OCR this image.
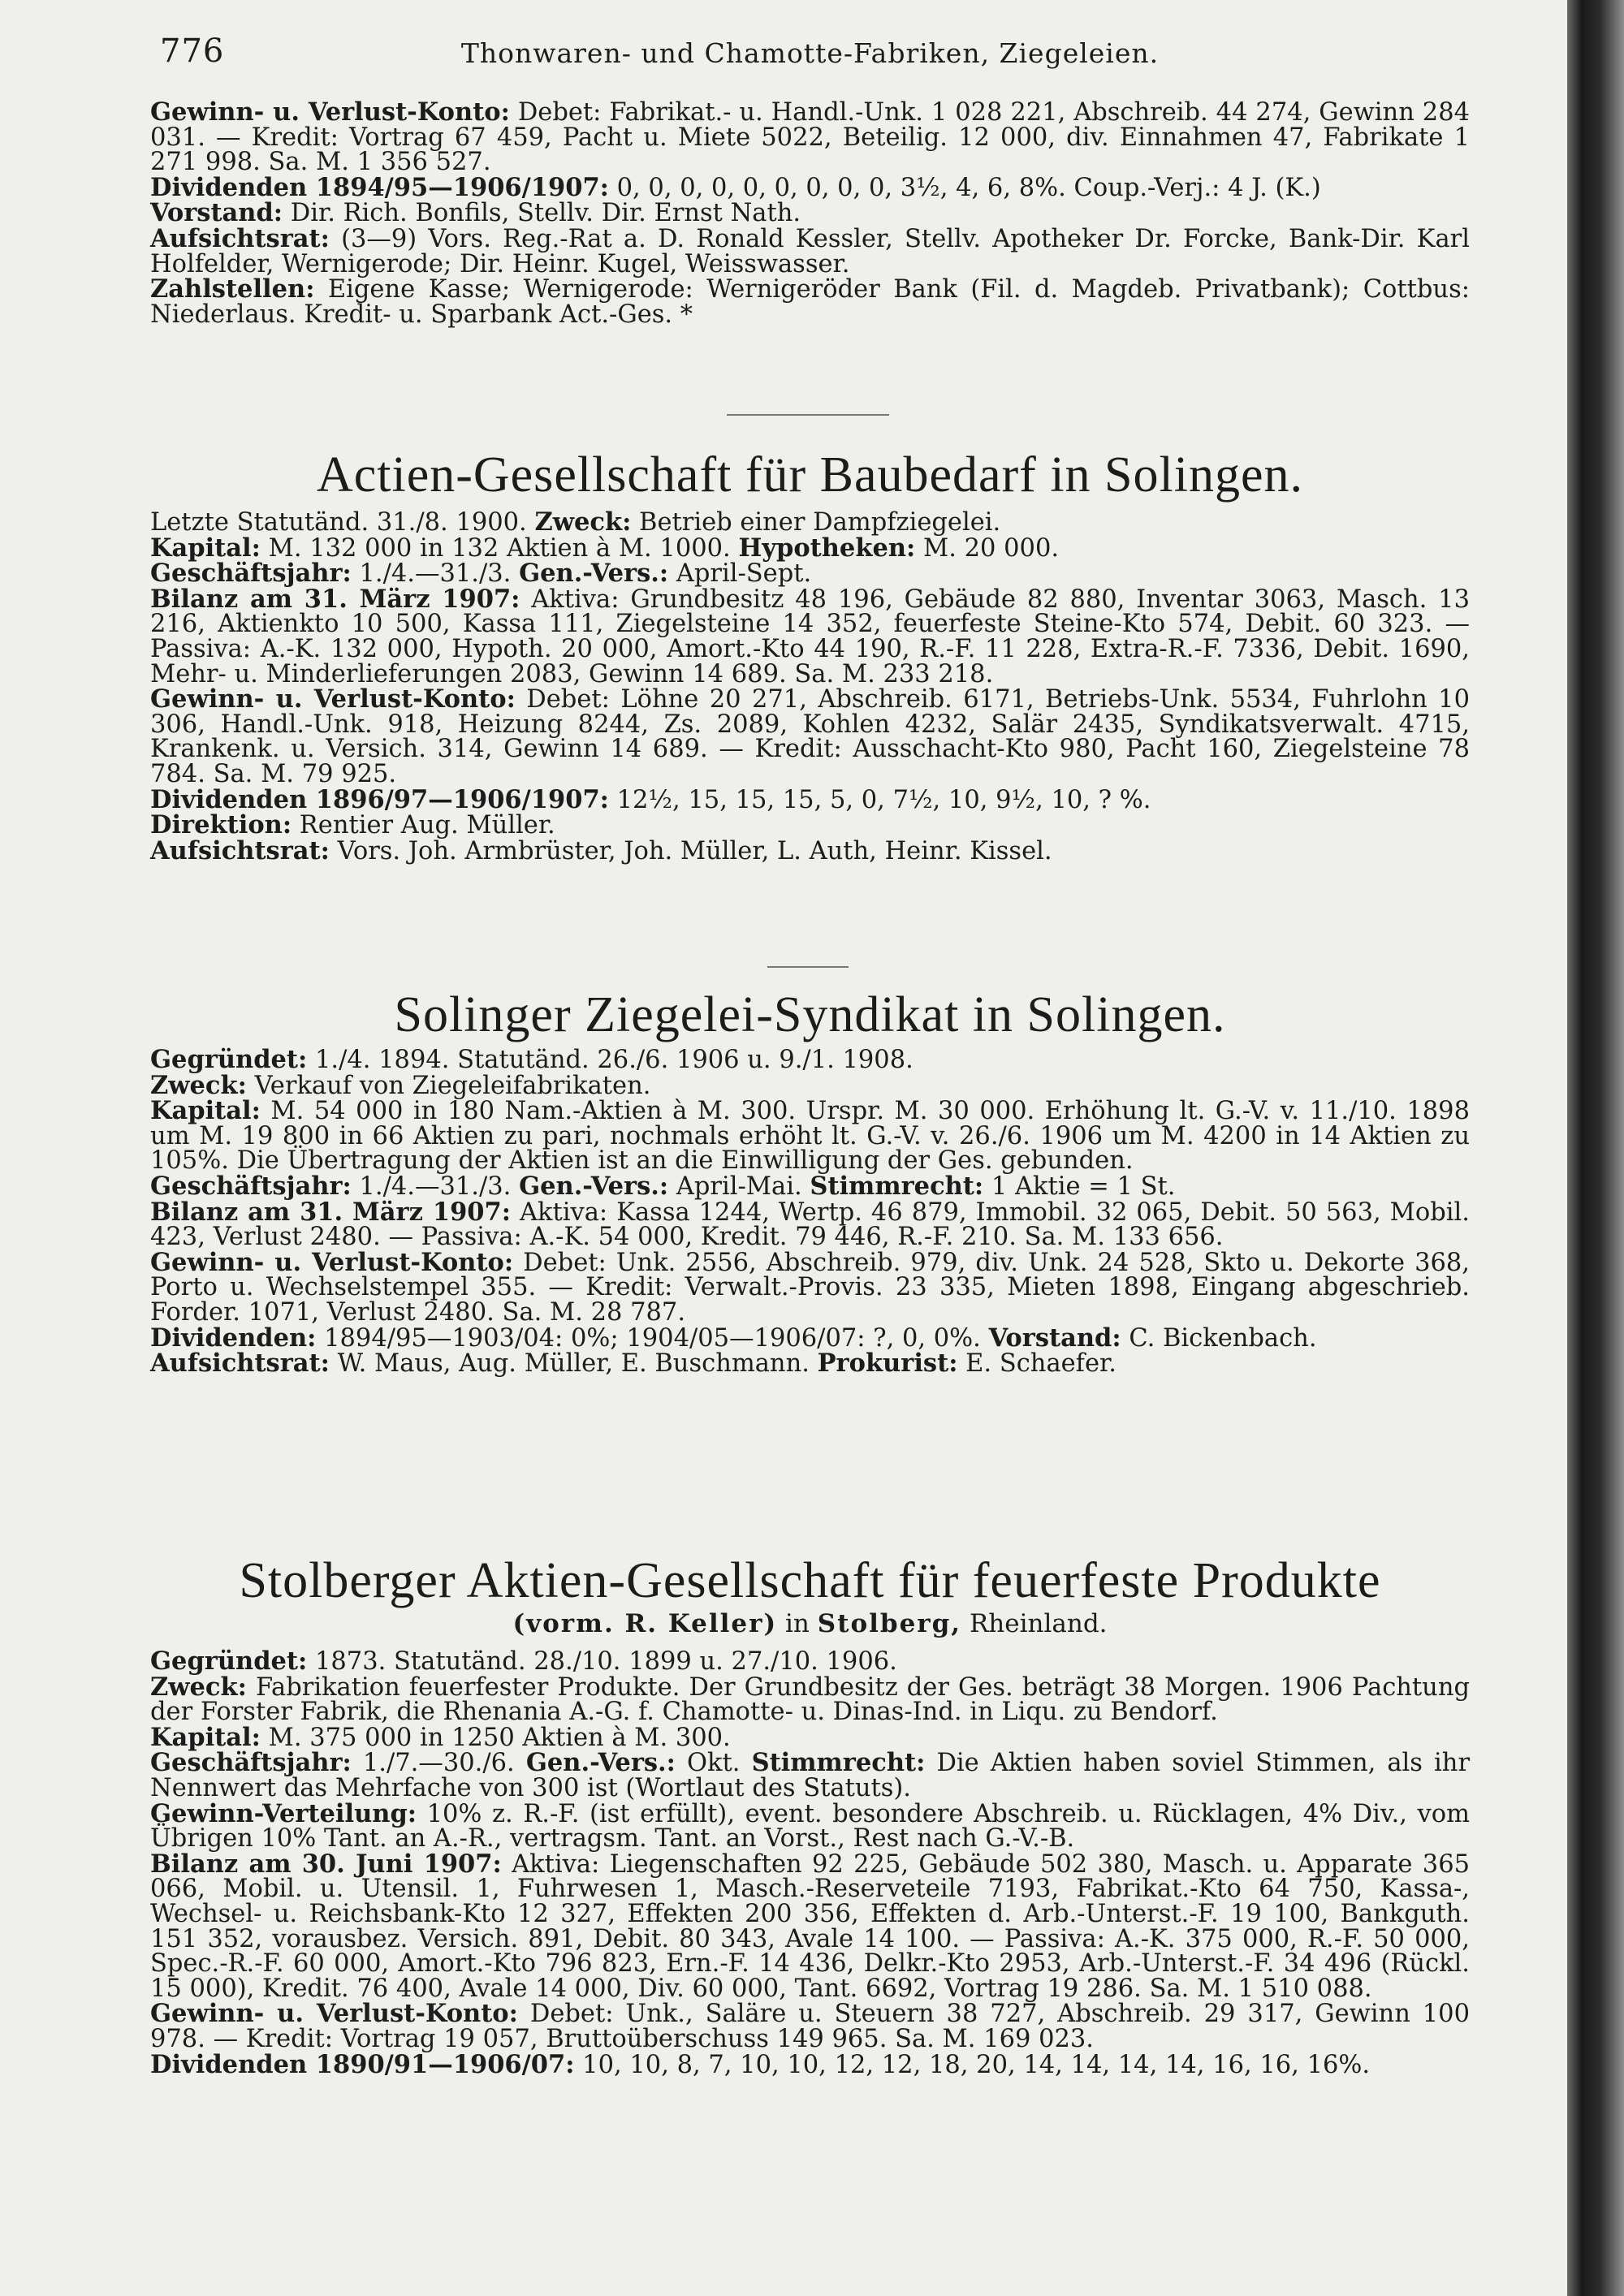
776	Thonwaren- und Chamotte-Fabriken, Ziegeleien.
Gewinn- u. Verlust-Konto: Debet: Fabrikat.- u. Handl.-Unk. 1 028 221, Abschreib. 44 274, Gewinn 284 031. — Kredit: Vortrag 67 459, Pacht u. Miete 5022, Beteilig. 12 000, div. Einnahmen 47, Fabrikate 1 271 998. Sa. M. 1 356 527.
Dividenden 1894/95—1906/1907: 0, 0, 0, 0, 0, 0, 0, 0, 0, 3½, 4, 6, 8%. Coup.-Verj.: 4 J. (K.)
Vorstand: Dir. Rich. Bonfils, Stellv. Dir. Ernst Nath.
Aufsichtsrat: (3—9) Vors. Reg.-Rat a. D. Ronald Kessler, Stellv. Apotheker Dr. Forcke, Bank-Dir. Karl Holfelder, Wernigerode; Dir. Heinr. Kugel, Weisswasser.
Zahlstellen: Eigene Kasse; Wernigerode: Wernigeröder Bank (Fil. d. Magdeb. Privatbank); Cottbus: Niederlaus. Kredit- u. Sparbank Act.-Ges. *
Actien-Gesellschaft für Baubedarf in Solingen.
Letzte Statutänd. 31./8. 1900. Zweck: Betrieb einer Dampfziegelei.
Kapital: M. 132 000 in 132 Aktien à M. 1000. Hypotheken: M. 20 000.
Geschäftsjahr: 1./4.—31./3. Gen.-Vers.: April-Sept.
Bilanz am 31. März 1907: Aktiva: Grundbesitz 48 196, Gebäude 82 880, Inventar 3063, Masch. 13 216, Aktienkto 10 500, Kassa 111, Ziegelsteine 14 352, feuerfeste Steine-Kto 574, Debit. 60 323. — Passiva: A.-K. 132 000, Hypoth. 20 000, Amort.-Kto 44 190, R.-F. 11 228, Extra-R.-F. 7336, Debit. 1690, Mehr- u. Minderlieferungen 2083, Gewinn 14 689. Sa. M. 233 218.
Gewinn- u. Verlust-Konto: Debet: Löhne 20 271, Abschreib. 6171, Betriebs-Unk. 5534, Fuhrlohn 10 306, Handl.-Unk. 918, Heizung 8244, Zs. 2089, Kohlen 4232, Salär 2435, Syndikatsverwalt. 4715, Krankenk. u. Versich. 314, Gewinn 14 689. — Kredit: Ausschacht-Kto 980, Pacht 160, Ziegelsteine 78 784. Sa. M. 79 925.
Dividenden 1896/97—1906/1907: 12½, 15, 15, 15, 5, 0, 7½, 10, 9½, 10, ? %.
Direktion: Rentier Aug. Müller.
Aufsichtsrat: Vors. Joh. Armbrüster, Joh. Müller, L. Auth, Heinr. Kissel.
Solinger Ziegelei-Syndikat in Solingen.
Gegründet: 1./4. 1894. Statutänd. 26./6. 1906 u. 9./1. 1908.
Zweck: Verkauf von Ziegeleifabrikaten.
Kapital: M. 54 000 in 180 Nam.-Aktien à M. 300. Urspr. M. 30 000. Erhöhung lt. G.-V. v. 11./10. 1898 um M. 19 800 in 66 Aktien zu pari, nochmals erhöht lt. G.-V. v. 26./6. 1906 um M. 4200 in 14 Aktien zu 105%. Die Übertragung der Aktien ist an die Einwilligung der Ges. gebunden.
Geschäftsjahr: 1./4.—31./3. Gen.-Vers.: April-Mai. Stimmrecht: 1 Aktie = 1 St.
Bilanz am 31. März 1907: Aktiva: Kassa 1244, Wertp. 46 879, Immobil. 32 065, Debit. 50 563, Mobil. 423, Verlust 2480. — Passiva: A.-K. 54 000, Kredit. 79 446, R.-F. 210. Sa. M. 133 656.
Gewinn- u. Verlust-Konto: Debet: Unk. 2556, Abschreib. 979, div. Unk. 24 528, Skto u. Dekorte 368, Porto u. Wechselstempel 355. — Kredit: Verwalt.-Provis. 23 335, Mieten 1898, Eingang abgeschrieb. Forder. 1071, Verlust 2480. Sa. M. 28 787.
Dividenden: 1894/95—1903/04: 0%; 1904/05—1906/07: ?, 0, 0%. Vorstand: C. Bickenbach.
Aufsichtsrat: W. Maus, Aug. Müller, E. Buschmann. Prokurist: E. Schaefer.
Stolberger Aktien-Gesellschaft für feuerfeste Produkte
(vorm. R. Keller) in Stolberg, Rheinland.
Gegründet: 1873. Statutänd. 28./10. 1899 u. 27./10. 1906.
Zweck: Fabrikation feuerfester Produkte. Der Grundbesitz der Ges. beträgt 38 Morgen. 1906 Pachtung der Forster Fabrik, die Rhenania A.-G. f. Chamotte- u. Dinas-Ind. in Liqu. zu Bendorf.
Kapital: M. 375 000 in 1250 Aktien à M. 300.
Geschäftsjahr: 1./7.—30./6. Gen.-Vers.: Okt. Stimmrecht: Die Aktien haben soviel Stimmen, als ihr Nennwert das Mehrfache von 300 ist (Wortlaut des Statuts).
Gewinn-Verteilung: 10% z. R.-F. (ist erfüllt), event. besondere Abschreib. u. Rücklagen, 4% Div., vom Übrigen 10% Tant. an A.-R., vertragsm. Tant. an Vorst., Rest nach G.-V.-B.
Bilanz am 30. Juni 1907: Aktiva: Liegenschaften 92 225, Gebäude 502 380, Masch. u. Apparate 365 066, Mobil. u. Utensil. 1, Fuhrwesen 1, Masch.-Reserveteile 7193, Fabrikat.-Kto 64 750, Kassa-, Wechsel- u. Reichsbank-Kto 12 327, Effekten 200 356, Effekten d. Arb.-Unterst.-F. 19 100, Bankguth. 151 352, vorausbez. Versich. 891, Debit. 80 343, Avale 14 100. — Passiva: A.-K. 375 000, R.-F. 50 000, Spec.-R.-F. 60 000, Amort.-Kto 796 823, Ern.-F. 14 436, Delkr.-Kto 2953, Arb.-Unterst.-F. 34 496 (Rückl. 15 000), Kredit. 76 400, Avale 14 000, Div. 60 000, Tant. 6692, Vortrag 19 286. Sa. M. 1 510 088.
Gewinn- u. Verlust-Konto: Debet: Unk., Saläre u. Steuern 38 727, Abschreib. 29 317, Gewinn 100 978. — Kredit: Vortrag 19 057, Bruttoüberschuss 149 965. Sa. M. 169 023.
Dividenden 1890/91—1906/07: 10, 10, 8, 7, 10, 10, 12, 12, 18, 20, 14, 14, 14, 14, 16, 16, 16%.
